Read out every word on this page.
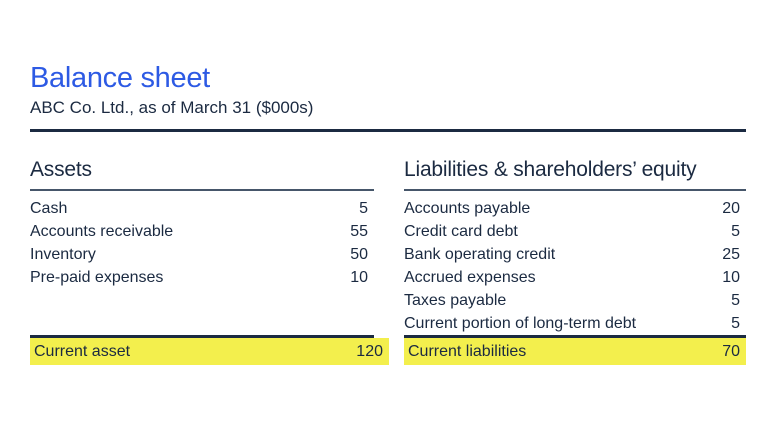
Balance sheet
ABC Co. Ltd., as of March 31 ($000s)
Assets
Cash	5
Accounts receivable	55
Inventory	50
Pre-paid expenses	10
Current asset	120
Liabilities & shareholders’ equity
Accounts payable	20
Credit card debt	5
Bank operating credit	25
Accrued expenses	10
Taxes payable	5
Current portion of long-term debt	5
Current liabilities	70
